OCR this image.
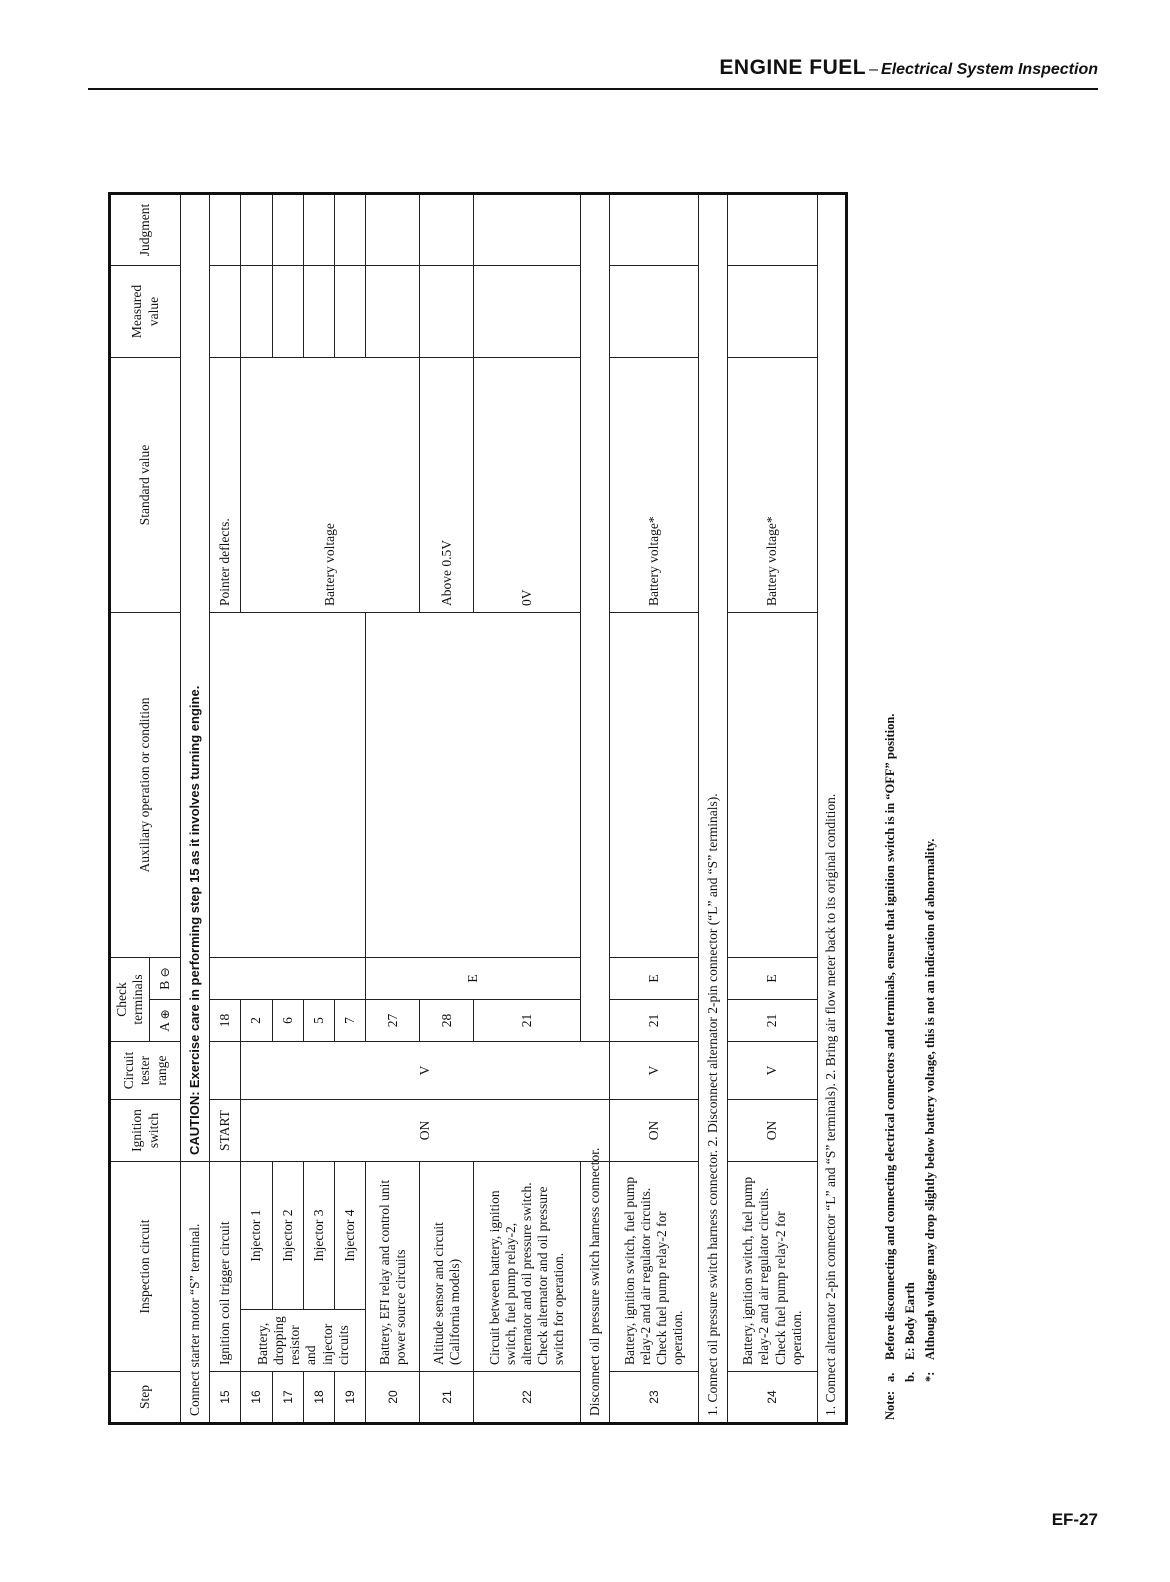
ENGINE FUEL – Electrical System Inspection
Step	Inspection circuit		Ignition switch	Circuit tester range	Check terminals		Auxiliary operation or condition	Standard value	Measured value	Judgment
					A ⊕	B ⊖				
Connect starter motor “S” terminal.			CAUTION: Exercise care in performing step 15 as it involves turning engine.							
15	Ignition coil trigger circuit		START		18			Pointer deflects.		
16	Battery, dropping resistor and injector circuits	Injector 1	ON	V	2			Battery voltage		
17		Injector 2			6					
18		Injector 3			5					
19		Injector 4			7					
20	Battery, EFI relay and control unit power source circuits				27	E				
21	Altitude sensor and circuit (California models)				28			Above 0.5V		
22	Circuit between battery, ignition switch, fuel pump relay-2, alternator and oil pressure switch. Check alternator and oil pressure switch for operation.				21			0V		
Disconnect oil pressure switch harness connector.										
23	Battery, ignition switch, fuel pump relay-2 and air regulator circuits. Check fuel pump relay-2 for operation.		ON	V	21	E		Battery voltage*		
1. Connect oil pressure switch harness connector. 2. Disconnect alternator 2-pin connector (“L” and “S” terminals).										
24	Battery, ignition switch, fuel pump relay-2 and air regulator circuits. Check fuel pump relay-2 for operation.		ON	V	21	E		Battery voltage*		
1. Connect alternator 2-pin connector “L” and “S” terminals). 2. Bring air flow meter back to its original condition.											Note:a.Before disconnecting and connecting electrical connectors and terminals, ensure that ignition switch is in “OFF” position.
b.E: Body Earth
*:Although voltage may drop slightly below battery voltage, this is not an indication of abnormality.
EF-27
